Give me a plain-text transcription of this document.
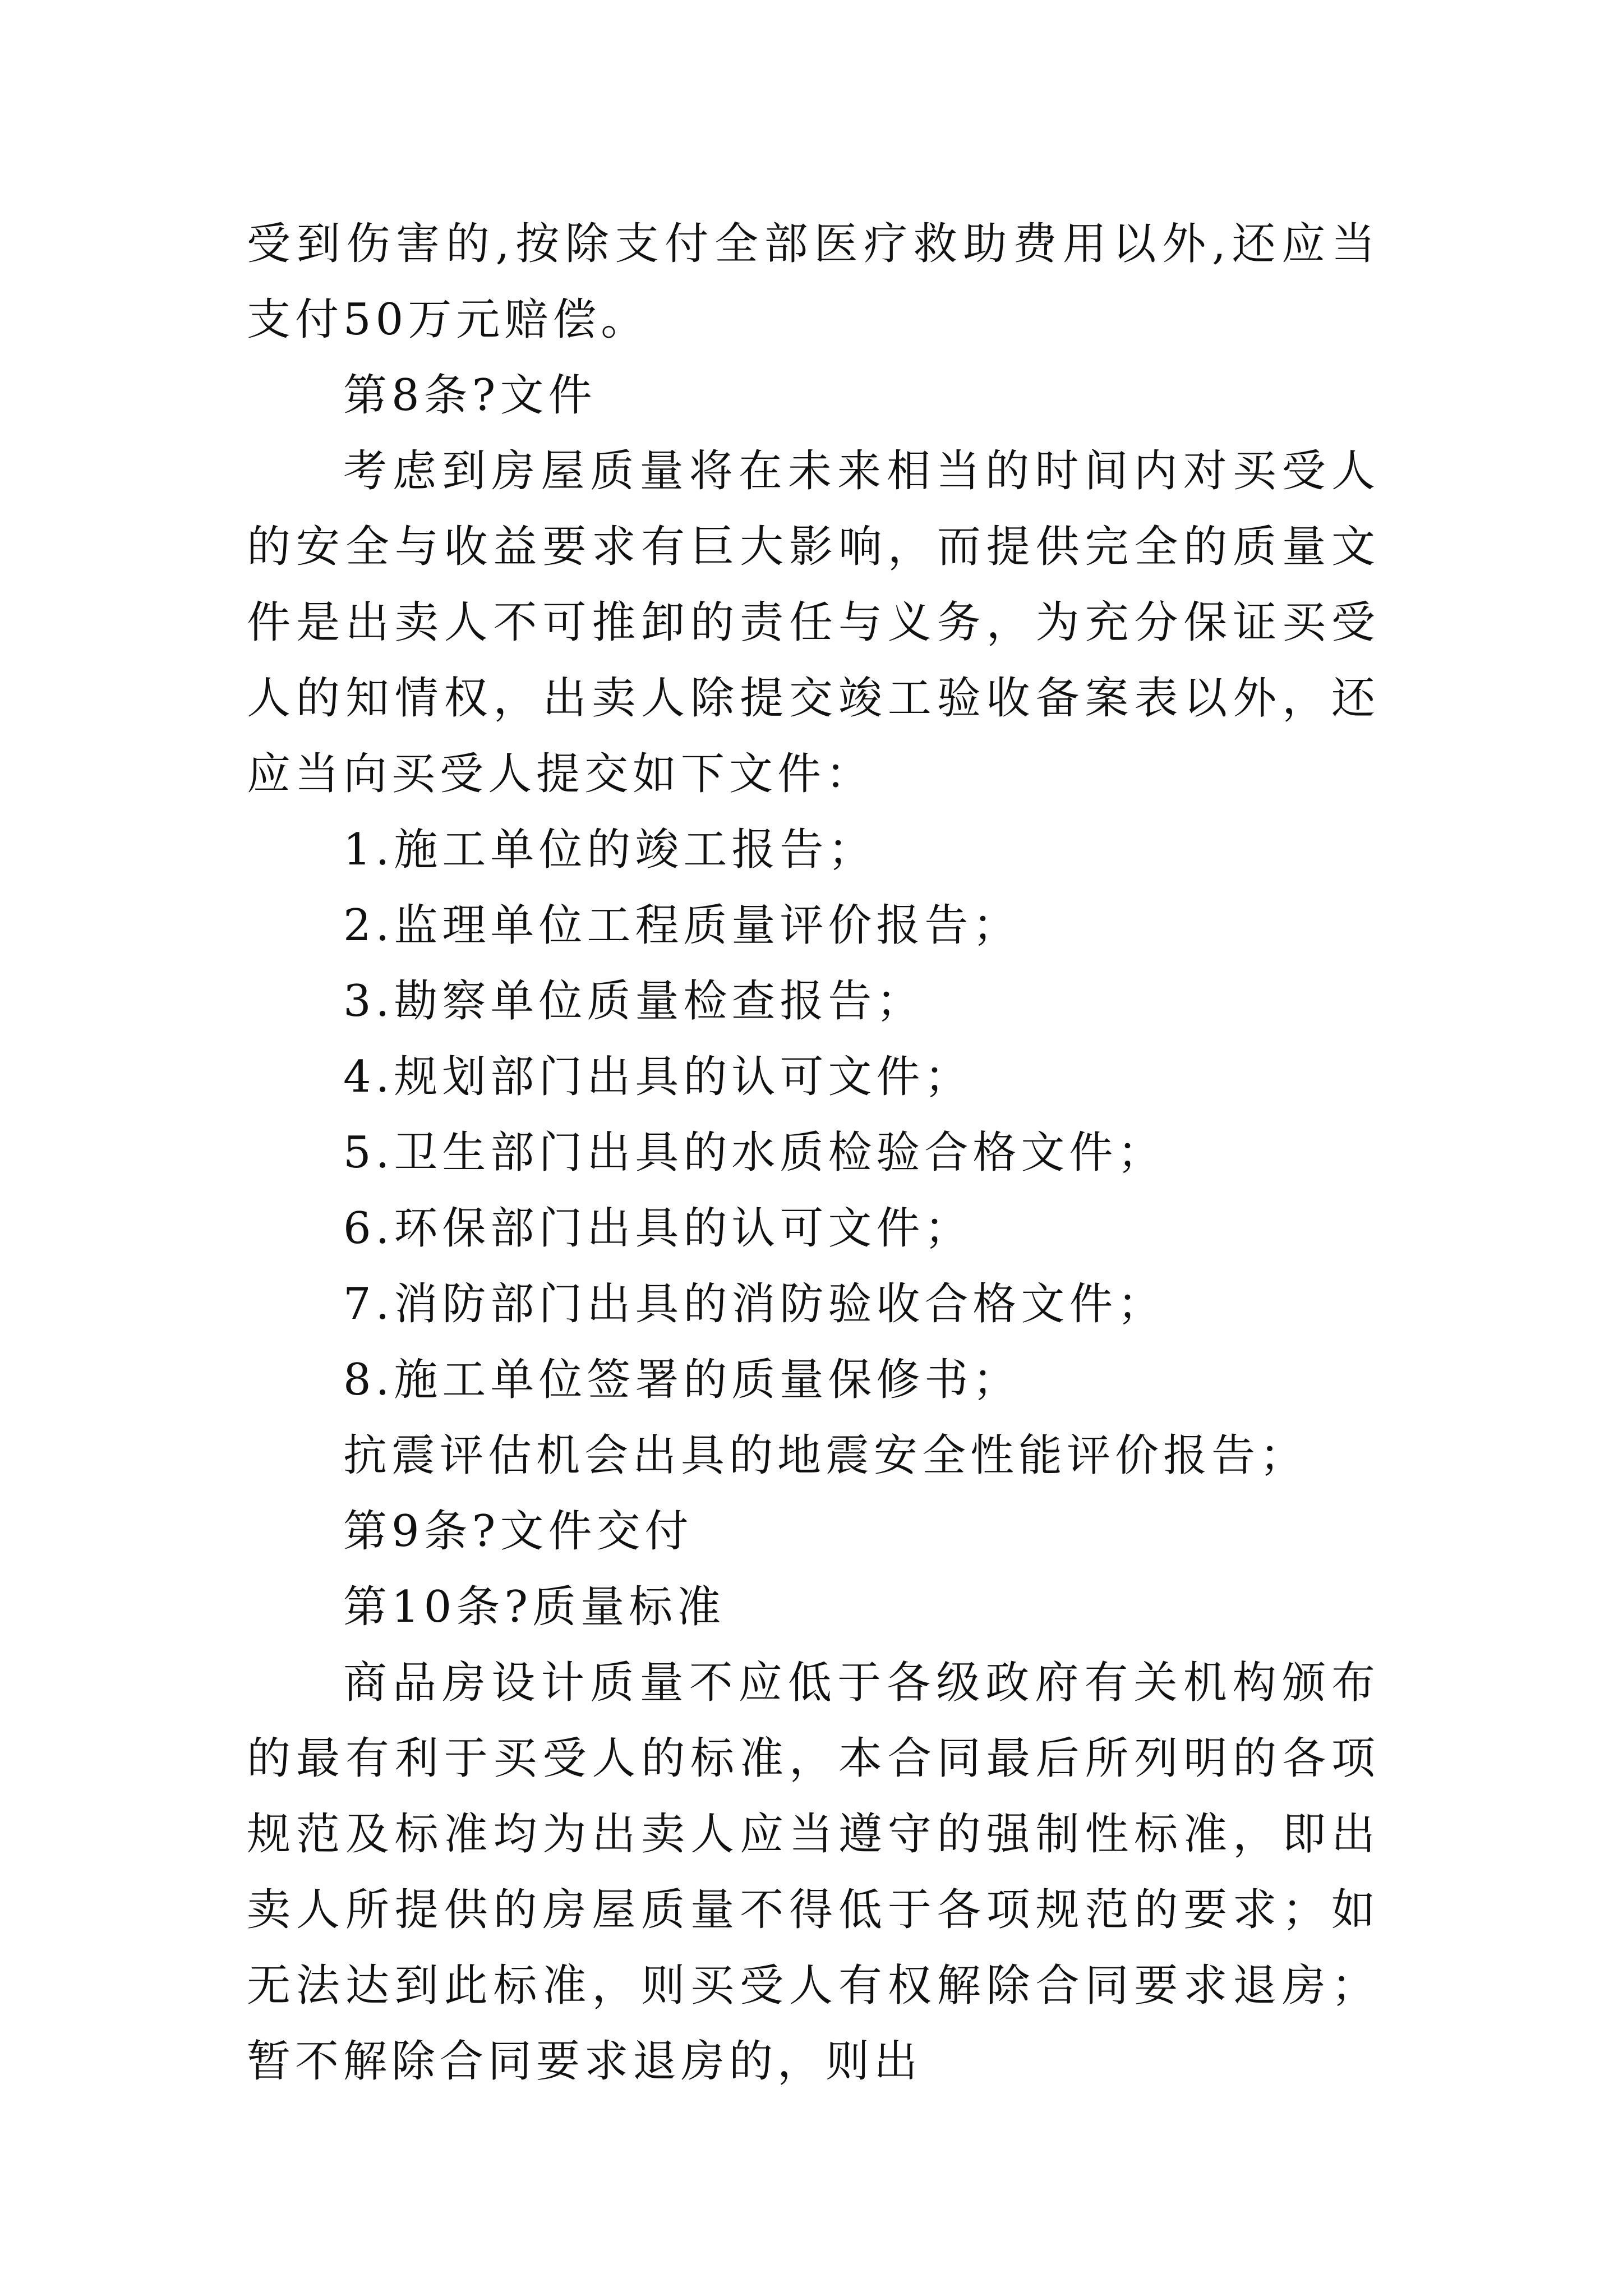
受到伤害的,按除支付全部医疗救助费用以外,还应当支付50万元赔偿。

第8条?文件

考虑到房屋质量将在未来相当的时间内对买受人的安全与收益要求有巨大影响，而提供完全的质量文件是出卖人不可推卸的责任与义务，为充分保证买受人的知情权，出卖人除提交竣工验收备案表以外，还应当向买受人提交如下文件：

1.施工单位的竣工报告；

2.监理单位工程质量评价报告；

3.勘察单位质量检查报告；

4.规划部门出具的认可文件；

5.卫生部门出具的水质检验合格文件；

6.环保部门出具的认可文件；

7.消防部门出具的消防验收合格文件；

8.施工单位签署的质量保修书；

抗震评估机会出具的地震安全性能评价报告；

第9条?文件交付

第10条?质量标准

商品房设计质量不应低于各级政府有关机构颁布的最有利于买受人的标准，本合同最后所列明的各项规范及标准均为出卖人应当遵守的强制性标准，即出卖人所提供的房屋质量不得低于各项规范的要求；如无法达到此标准，则买受人有权解除合同要求退房；暂不解除合同要求退房的，则出
